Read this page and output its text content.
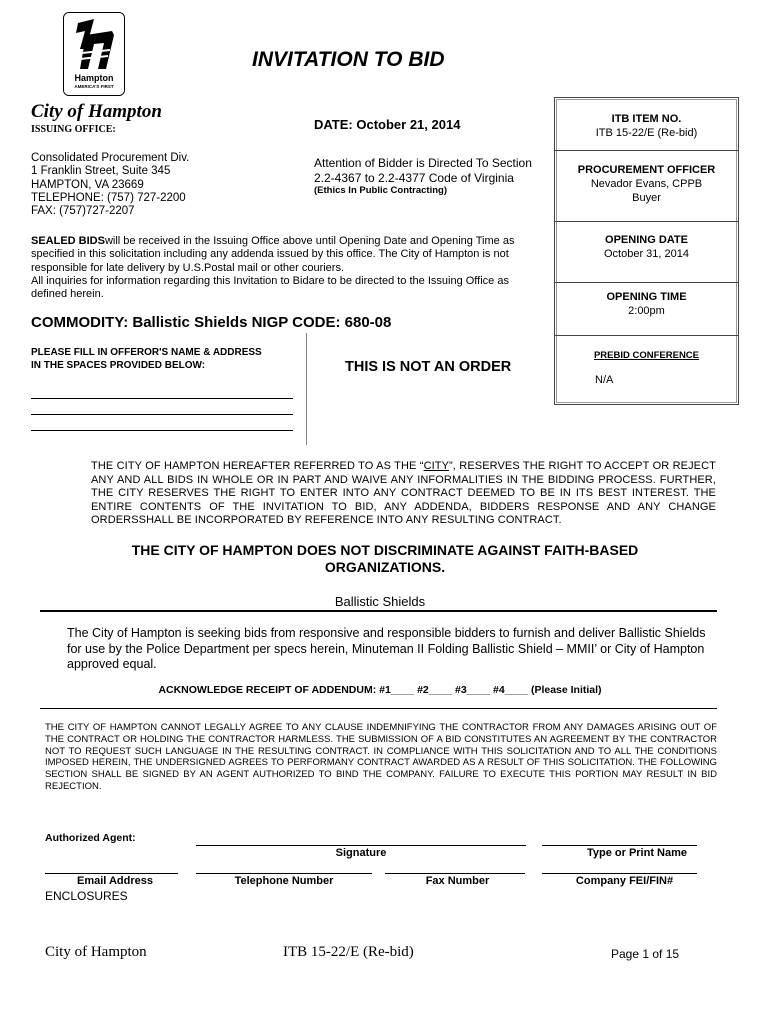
Hampton
AMERICA'S FIRST
INVITATION TO BID
City of Hampton
ISSUING OFFICE:
Consolidated Procurement Div.
1 Franklin Street, Suite 345
HAMPTON, VA 23669
TELEPHONE: (757) 727-2200
FAX: (757)727-2207
DATE: October 21, 2014
Attention of Bidder is Directed To Section
2.2-4367 to 2.2-4377 Code of Virginia
(Ethics In Public Contracting)
SEALED BIDSwill be received in the Issuing Office above until Opening Date and Opening Time as specified in this solicitation including any addenda issued by this office. The City of Hampton is not responsible for late delivery by U.S.Postal mail or other couriers.
All inquiries for information regarding this Invitation to Bidare to be directed to the Issuing Office as defined herein.
COMMODITY: Ballistic Shields NIGP CODE: 680-08
PLEASE FILL IN OFFEROR'S NAME & ADDRESS
IN THE SPACES PROVIDED BELOW:	THIS IS NOT AN ORDER
ITB ITEM NO.
ITB 15-22/E (Re-bid)
PROCUREMENT OFFICER
Nevador Evans, CPPB
Buyer
OPENING DATE
October 31, 2014
OPENING TIME
2:00pm
PREBID CONFERENCE
N/A
THE CITY OF HAMPTON HEREAFTER REFERRED TO AS THE “CITY”, RESERVES THE RIGHT TO ACCEPT OR REJECT ANY AND ALL BIDS IN WHOLE OR IN PART AND WAIVE ANY INFORMALITIES IN THE BIDDING PROCESS. FURTHER, THE CITY RESERVES THE RIGHT TO ENTER INTO ANY CONTRACT DEEMED TO BE IN ITS BEST INTEREST. THE ENTIRE CONTENTS OF THE INVITATION TO BID, ANY ADDENDA, BIDDERS RESPONSE AND ANY CHANGE ORDERSSHALL BE INCORPORATED BY REFERENCE INTO ANY RESULTING CONTRACT.
THE CITY OF HAMPTON DOES NOT DISCRIMINATE AGAINST FAITH-BASED
ORGANIZATIONS.
Ballistic Shields
The City of Hampton is seeking bids from responsive and responsible bidders to furnish and deliver Ballistic Shields for use by the Police Department per specs herein, Minuteman II Folding Ballistic Shield – MMII’ or City of Hampton approved equal.
ACKNOWLEDGE RECEIPT OF ADDENDUM: #1____ #2____ #3____ #4____ (Please Initial)
THE CITY OF HAMPTON CANNOT LEGALLY AGREE TO ANY CLAUSE INDEMNIFYING THE CONTRACTOR FROM ANY DAMAGES ARISING OUT OF THE CONTRACT OR HOLDING THE CONTRACTOR HARMLESS. THE SUBMISSION OF A BID CONSTITUTES AN AGREEMENT BY THE CONTRACTOR NOT TO REQUEST SUCH LANGUAGE IN THE RESULTING CONTRACT. IN COMPLIANCE WITH THIS SOLICITATION AND TO ALL THE CONDITIONS IMPOSED HEREIN, THE UNDERSIGNED AGREES TO PERFORMANY CONTRACT AWARDED AS A RESULT OF THIS SOLICITATION. THE FOLLOWING SECTION SHALL BE SIGNED BY AN AGENT AUTHORIZED TO BIND THE COMPANY. FAILURE TO EXECUTE THIS PORTION MAY RESULT IN BID REJECTION.
Authorized Agent:
Signature	Type or Print Name
Email Address	Telephone Number	Fax Number	Company FEI/FIN#
ENCLOSURES
City of Hampton	ITB 15-22/E (Re-bid)	Page 1 of 15
